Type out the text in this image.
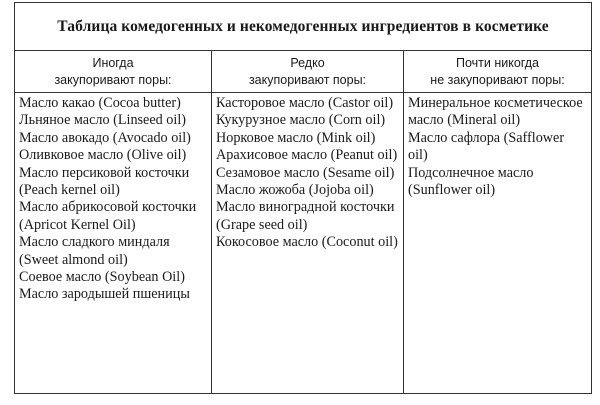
Таблица комедогенных и некомедогенных ингредиентов в косметике
Иногда
закупоривают поры:
Редко
закупоривают поры:
Почти никогда
не закупоривают поры:
Масло какао (Cocoa butter)
Льняное масло (Linseed oil)
Масло авокадо (Avocado oil)
Оливковое масло (Olive oil)
Масло персиковой косточки (Peach kernel oil)
Масло абрикосовой косточки (Apricot Kernel Oil)
Масло сладкого миндаля (Sweet almond oil)
Соевое масло (Soybean Oil)
Масло зародышей пшеницы
Касторовое масло (Castor oil)
Кукурузное масло (Corn oil)
Норковое масло (Mink oil)
Арахисовое масло (Peanut oil)
Сезамовое масло (Sesame oil)
Масло жожоба (Jojoba oil)
Масло виноградной косточки (Grape seed oil)
Кокосовое масло (Coconut oil)
Минеральное косметическое масло (Mineral oil)
Масло сафлора (Safflower oil)
Подсолнечное масло (Sunflower oil)
